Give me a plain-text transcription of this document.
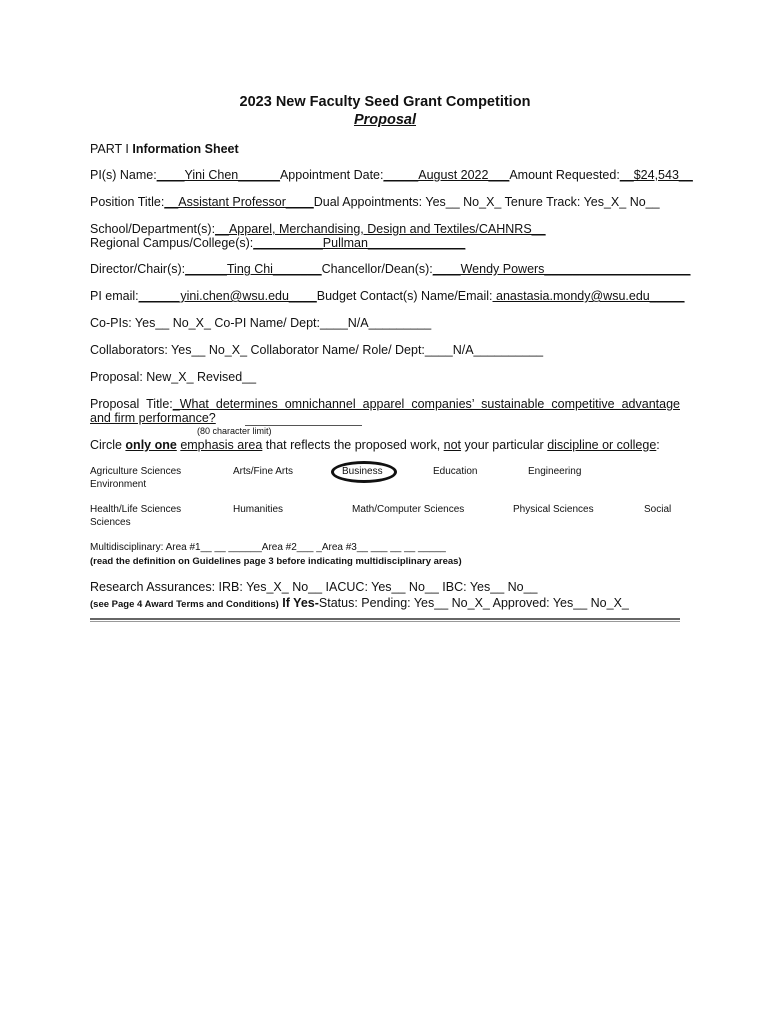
2023 New Faculty Seed Grant Competition
Proposal
PART I Information Sheet
PI(s) Name:____Yini Chen______Appointment Date:_____August 2022___Amount Requested:__$24,543__
Position Title:__Assistant Professor____Dual Appointments: Yes__ No_X_ Tenure Track: Yes_X_ No__
School/Department(s):__Apparel, Merchandising, Design and Textiles/CAHNRS__
Regional Campus/College(s):__________Pullman______________
Director/Chair(s):______Ting Chi_______Chancellor/Dean(s):____Wendy Powers_____________________
PI email:______yini.chen@wsu.edu____Budget Contact(s) Name/Email: anastasia.mondy@wsu.edu_____
Co-PIs: Yes__ No_X_ Co-PI Name/ Dept:____N/A_________
Collaborators: Yes__ No_X_ Collaborator Name/ Role/ Dept:____N/A__________
Proposal: New_X_ Revised__
Proposal Title:_What determines omnichannel apparel companies’ sustainable competitive advantage
and firm performance?
(80 character limit)
Circle only one emphasis area that reflects the proposed work, not your particular discipline or college:
Agriculture Sciences	Arts/Fine Arts	Business	Education	Engineering
Environment
Health/Life Sciences	Humanities	Math/Computer Sciences	Physical Sciences	Social
Sciences
Multidisciplinary: Area #1__ __ ______Area #2___ _Area #3__ ___ __ __ _____
(read the definition on Guidelines page 3 before indicating multidisciplinary areas)
Research Assurances: IRB: Yes_X_ No__ IACUC: Yes__ No__ IBC: Yes__ No__
(see Page 4 Award Terms and Conditions) If Yes-Status: Pending: Yes__ No_X_ Approved: Yes__ No_X_
